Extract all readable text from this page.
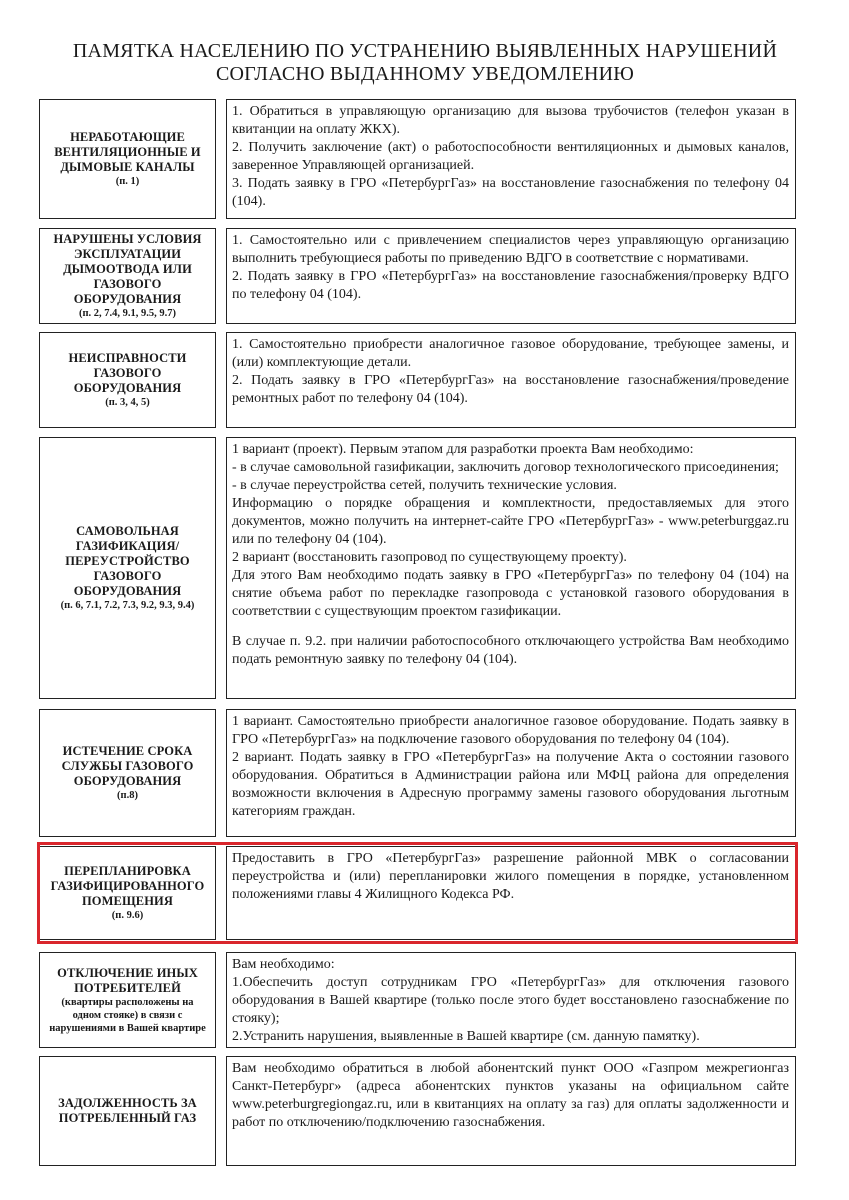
ПАМЯТКА НАСЕЛЕНИЮ ПО УСТРАНЕНИЮ ВЫЯВЛЕННЫХ НАРУШЕНИЙ
СОГЛАСНО ВЫДАННОМУ УВЕДОМЛЕНИЮ
НЕРАБОТАЮЩИЕ ВЕНТИЛЯЦИОННЫЕ И ДЫМОВЫЕ КАНАЛЫ
(п. 1)
1. Обратиться в управляющую организацию для вызова трубочистов (телефон указан в квитанции на оплату ЖКХ).
2. Получить заключение (акт) о работоспособности вентиляционных и дымовых каналов, заверенное Управляющей организацией.
3. Подать заявку в ГРО «ПетербургГаз» на восстановление газоснабжения по телефону 04 (104).
НАРУШЕНЫ УСЛОВИЯ ЭКСПЛУАТАЦИИ ДЫМООТВОДА ИЛИ ГАЗОВОГО ОБОРУДОВАНИЯ
(п. 2, 7.4, 9.1, 9.5, 9.7)
1. Самостоятельно или с привлечением специалистов через управляющую организацию выполнить требующиеся работы по приведению ВДГО в соответствие с нормативами.
2. Подать заявку в ГРО «ПетербургГаз» на восстановление газоснабжения/проверку ВДГО по телефону 04 (104).
НЕИСПРАВНОСТИ ГАЗОВОГО ОБОРУДОВАНИЯ
(п. 3, 4, 5)
1. Самостоятельно приобрести аналогичное газовое оборудование, требующее замены, и (или) комплектующие детали.
2. Подать заявку в ГРО «ПетербургГаз» на восстановление газоснабжения/проведение ремонтных работ по телефону 04 (104).
САМОВОЛЬНАЯ ГАЗИФИКАЦИЯ/ ПЕРЕУСТРОЙСТВО ГАЗОВОГО ОБОРУДОВАНИЯ
(п. 6, 7.1, 7.2, 7.3, 9.2, 9.3, 9.4)
1 вариант (проект). Первым этапом для разработки проекта Вам необходимо:
- в случае самовольной газификации, заключить договор технологического присоединения;
- в случае переустройства сетей, получить технические условия.
Информацию о порядке обращения и комплектности, предоставляемых для этого документов, можно получить на интернет-сайте ГРО «ПетербургГаз» - www.peterburggaz.ru или по телефону 04 (104).
2 вариант (восстановить газопровод по существующему проекту).
Для этого Вам необходимо подать заявку в ГРО «ПетербургГаз» по телефону 04 (104) на снятие объема работ по перекладке газопровода с установкой газового оборудования в соответствии с существующим проектом газификации.
В случае п. 9.2. при наличии работоспособного отключающего устройства Вам необходимо подать ремонтную заявку по телефону 04 (104).
ИСТЕЧЕНИЕ СРОКА СЛУЖБЫ ГАЗОВОГО ОБОРУДОВАНИЯ
(п.8)
1 вариант. Самостоятельно приобрести аналогичное газовое оборудование. Подать заявку в ГРО «ПетербургГаз» на подключение газового оборудования по телефону 04 (104).
2 вариант. Подать заявку в ГРО «ПетербургГаз» на получение Акта о состоянии газового оборудования. Обратиться в Администрации района или МФЦ района для определения возможности включения в Адресную программу замены газового оборудования льготным категориям граждан.
ПЕРЕПЛАНИРОВКА ГАЗИФИЦИРОВАННОГО ПОМЕЩЕНИЯ
(п. 9.6)
Предоставить в ГРО «ПетербургГаз» разрешение районной МВК о согласовании переустройства и (или) перепланировки жилого помещения в порядке, установленном положениями главы 4 Жилищного Кодекса РФ.
ОТКЛЮЧЕНИЕ ИНЫХ ПОТРЕБИТЕЛЕЙ
(квартиры расположены на одном стояке) в связи с нарушениями в Вашей квартире
Вам необходимо:
1.Обеспечить доступ сотрудникам ГРО «ПетербургГаз» для отключения газового оборудования в Вашей квартире (только после этого будет восстановлено газоснабжение по стояку);
2.Устранить нарушения, выявленные в Вашей квартире (см. данную памятку).
ЗАДОЛЖЕННОСТЬ ЗА ПОТРЕБЛЕННЫЙ ГАЗ
Вам необходимо обратиться в любой абонентский пункт ООО «Газпром межрегионгаз Санкт-Петербург» (адреса абонентских пунктов указаны на официальном сайте www.peterburgregiongaz.ru, или в квитанциях на оплату за газ) для оплаты задолженности и работ по отключению/подключению газоснабжения.
